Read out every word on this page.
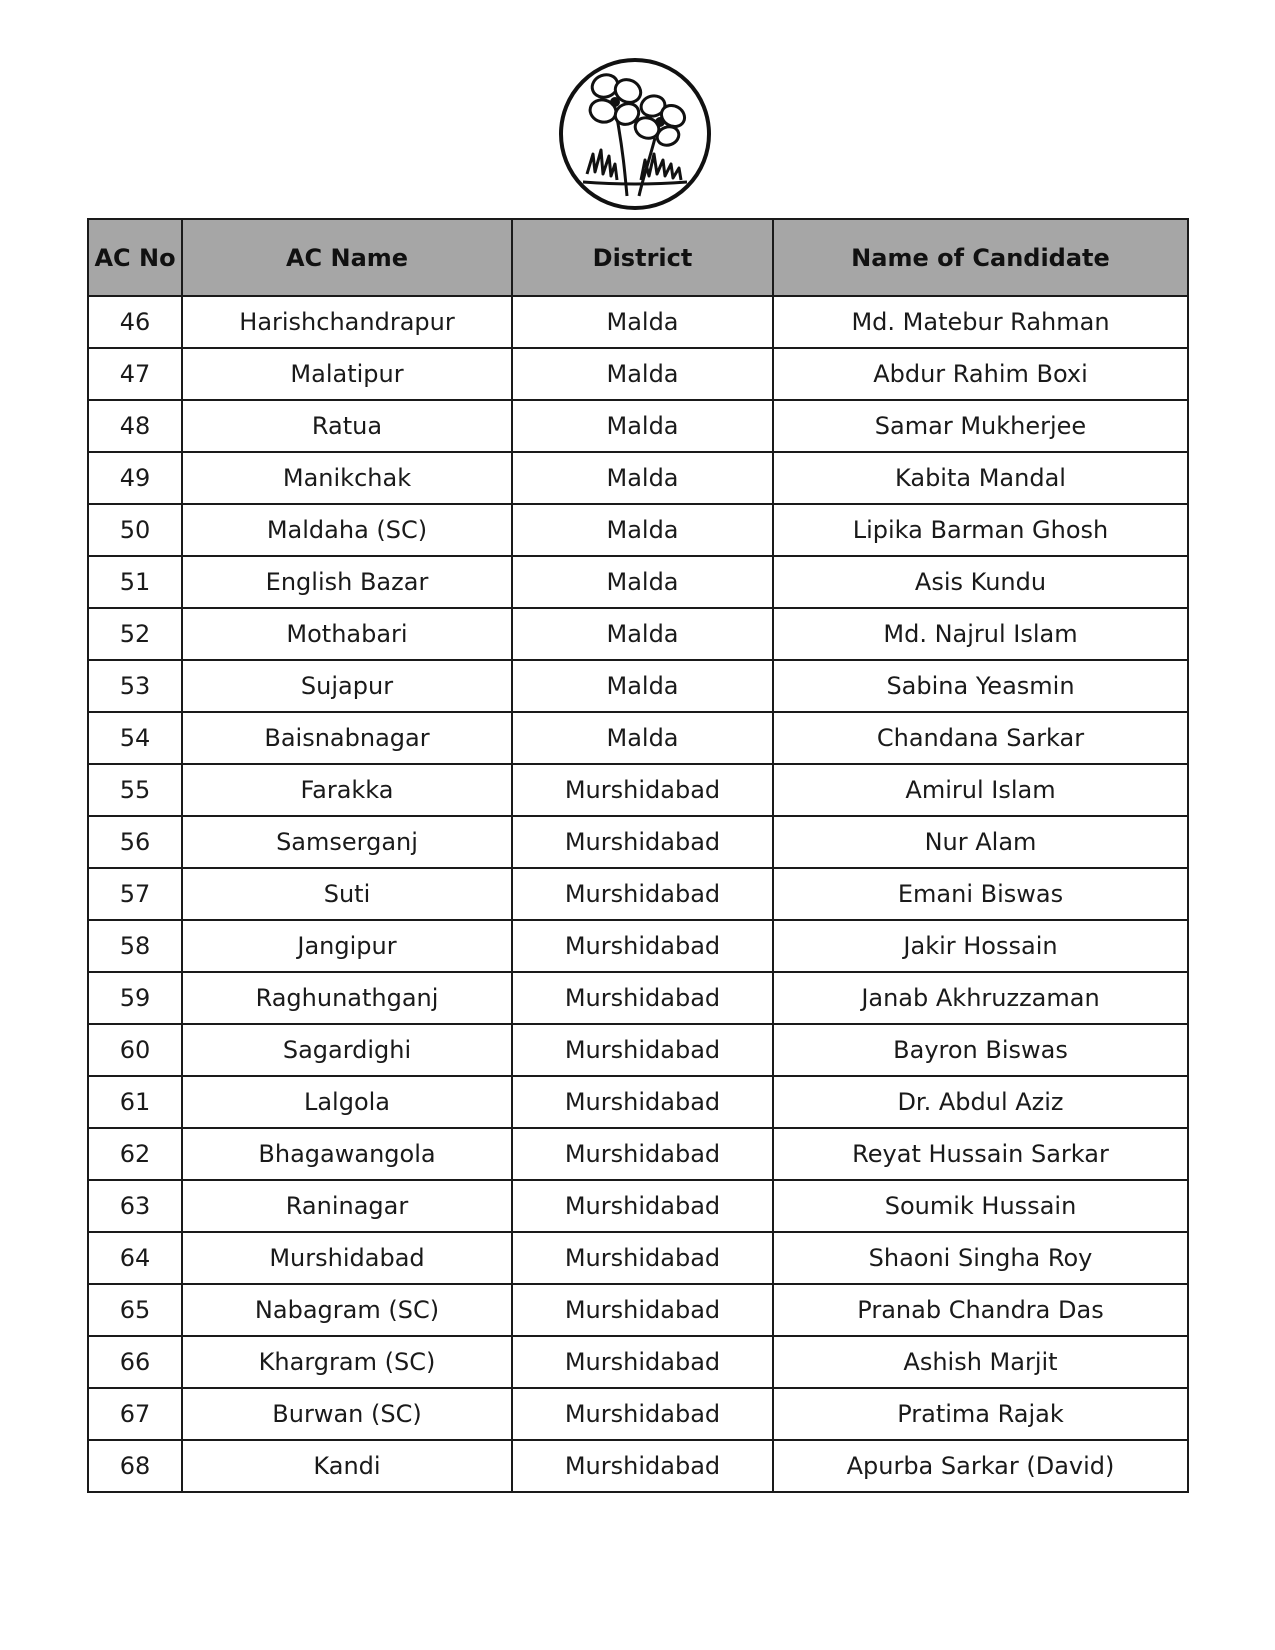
AC No	AC Name	District	Name of Candidate
46	Harishchandrapur	Malda	Md. Matebur Rahman
47	Malatipur	Malda	Abdur Rahim Boxi
48	Ratua	Malda	Samar Mukherjee
49	Manikchak	Malda	Kabita Mandal
50	Maldaha (SC)	Malda	Lipika Barman Ghosh
51	English Bazar	Malda	Asis Kundu
52	Mothabari	Malda	Md. Najrul Islam
53	Sujapur	Malda	Sabina Yeasmin
54	Baisnabnagar	Malda	Chandana Sarkar
55	Farakka	Murshidabad	Amirul Islam
56	Samserganj	Murshidabad	Nur Alam
57	Suti	Murshidabad	Emani Biswas
58	Jangipur	Murshidabad	Jakir Hossain
59	Raghunathganj	Murshidabad	Janab Akhruzzaman
60	Sagardighi	Murshidabad	Bayron Biswas
61	Lalgola	Murshidabad	Dr. Abdul Aziz
62	Bhagawangola	Murshidabad	Reyat Hussain Sarkar
63	Raninagar	Murshidabad	Soumik Hussain
64	Murshidabad	Murshidabad	Shaoni Singha Roy
65	Nabagram (SC)	Murshidabad	Pranab Chandra Das
66	Khargram (SC)	Murshidabad	Ashish Marjit
67	Burwan (SC)	Murshidabad	Pratima Rajak
68	Kandi	Murshidabad	Apurba Sarkar (David)
